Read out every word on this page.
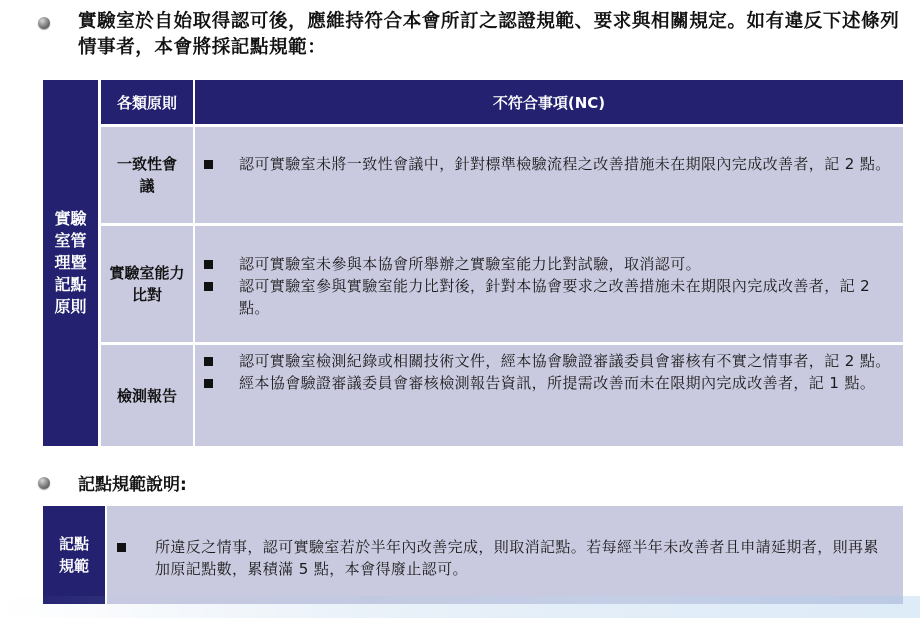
實驗室於自始取得認可後，應維持符合本會所訂之認證規範、要求與相關規定。如有違反下述條列情事者，本會將採記點規範：
實驗室管理暨記點原則
各類原則	不符合事項(NC)
一致性會議
認可實驗室未將一致性會議中，針對標準檢驗流程之改善措施未在期限內完成改善者，記 2 點。
實驗室能力比對
認可實驗室未參與本協會所舉辦之實驗室能力比對試驗，取消認可。
認可實驗室參與實驗室能力比對後，針對本協會要求之改善措施未在期限內完成改善者，記 2 點。
檢測報告
認可實驗室檢測紀錄或相關技術文件，經本協會驗證審議委員會審核有不實之情事者，記 2 點。
經本協會驗證審議委員會審核檢測報告資訊，所提需改善而未在限期內完成改善者，記 1 點。
記點規範說明:
記點規範
所違反之情事，認可實驗室若於半年內改善完成，則取消記點。若每經半年未改善者且申請延期者，則再累加原記點數，累積滿 5 點，本會得廢止認可。
